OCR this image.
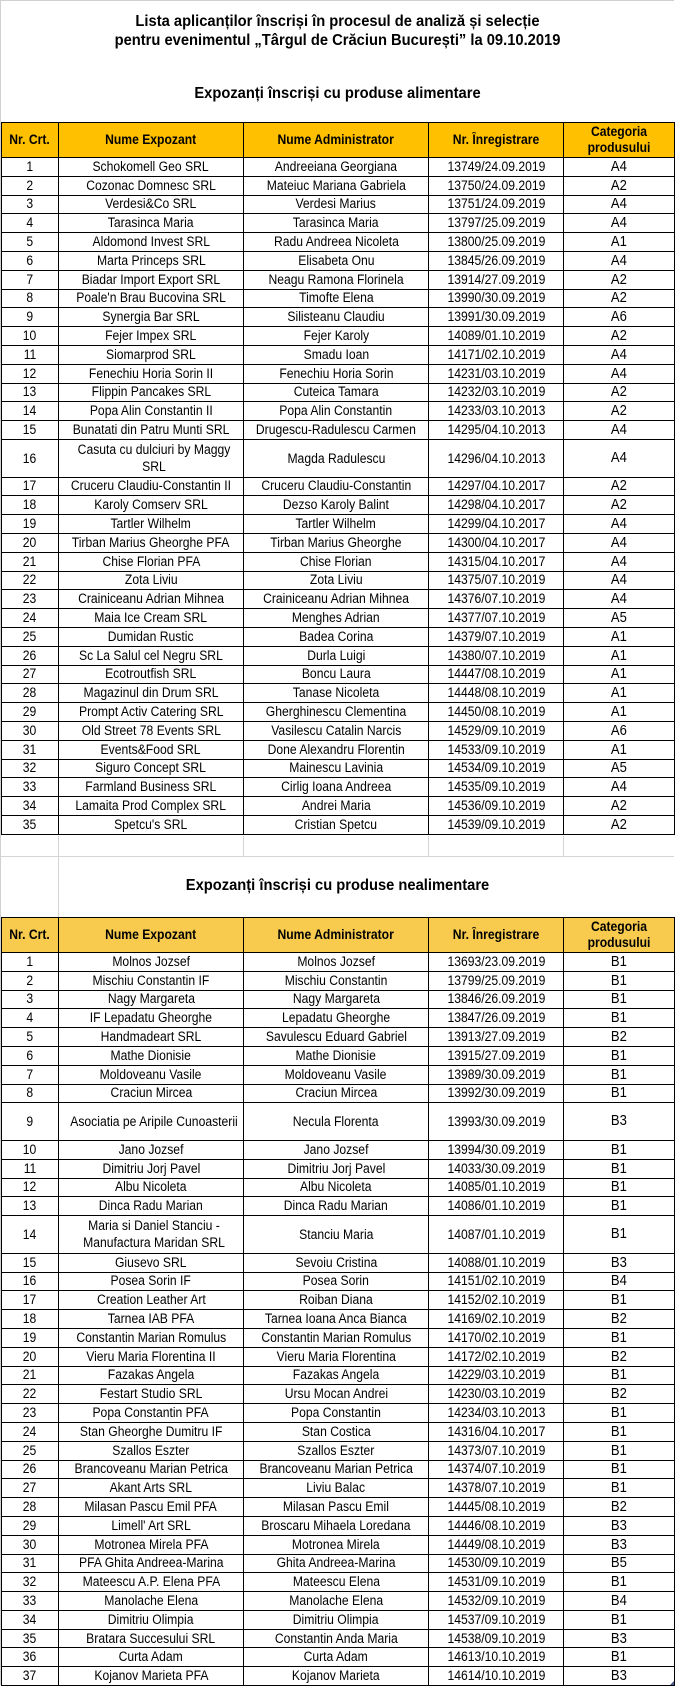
Lista aplicanților înscriși în procesul de analiză și selecție
pentru evenimentul „Târgul de Crăciun București” la 09.10.2019
Expozanți înscriși cu produse alimentare
Nr. Crt.	Nume Expozant	Nume Administrator	Nr. Înregistrare	Categoria produsului
1	Schokomell Geo SRL	Andreeiana Georgiana	13749/24.09.2019	A4
2	Cozonac Domnesc SRL	Mateiuc Mariana Gabriela	13750/24.09.2019	A2
3	Verdesi&Co SRL	Verdesi Marius	13751/24.09.2019	A4
4	Tarasinca Maria	Tarasinca Maria	13797/25.09.2019	A4
5	Aldomond Invest SRL	Radu Andreea Nicoleta	13800/25.09.2019	A1
6	Marta Princeps SRL	Elisabeta Onu	13845/26.09.2019	A4
7	Biadar Import Export SRL	Neagu Ramona Florinela	13914/27.09.2019	A2
8	Poale'n Brau Bucovina SRL	Timofte Elena	13990/30.09.2019	A2
9	Synergia Bar SRL	Silisteanu Claudiu	13991/30.09.2019	A6
10	Fejer Impex SRL	Fejer Karoly	14089/01.10.2019	A2
11	Siomarprod SRL	Smadu Ioan	14171/02.10.2019	A4
12	Fenechiu Horia Sorin II	Fenechiu Horia Sorin	14231/03.10.2019	A4
13	Flippin Pancakes SRL	Cuteica Tamara	14232/03.10.2019	A2
14	Popa Alin Constantin II	Popa Alin Constantin	14233/03.10.2013	A2
15	Bunatati din Patru Munti SRL	Drugescu-Radulescu Carmen	14295/04.10.2013	A4
16	Casuta cu dulciuri by Maggy SRL	Magda Radulescu	14296/04.10.2013	A4
17	Cruceru Claudiu-Constantin II	Cruceru Claudiu-Constantin	14297/04.10.2017	A2
18	Karoly Comserv SRL	Dezso Karoly Balint	14298/04.10.2017	A2
19	Tartler Wilhelm	Tartler Wilhelm	14299/04.10.2017	A4
20	Tirban Marius Gheorghe PFA	Tirban Marius Gheorghe	14300/04.10.2017	A4
21	Chise Florian PFA	Chise Florian	14315/04.10.2017	A4
22	Zota Liviu	Zota Liviu	14375/07.10.2019	A4
23	Crainiceanu Adrian Mihnea	Crainiceanu Adrian Mihnea	14376/07.10.2019	A4
24	Maia Ice Cream SRL	Menghes Adrian	14377/07.10.2019	A5
25	Dumidan Rustic	Badea Corina	14379/07.10.2019	A1
26	Sc La Salul cel Negru SRL	Durla Luigi	14380/07.10.2019	A1
27	Ecotroutfish SRL	Boncu Laura	14447/08.10.2019	A1
28	Magazinul din Drum SRL	Tanase Nicoleta	14448/08.10.2019	A1
29	Prompt Activ Catering SRL	Gherghinescu Clementina	14450/08.10.2019	A1
30	Old Street 78 Events SRL	Vasilescu Catalin Narcis	14529/09.10.2019	A6
31	Events&Food SRL	Done Alexandru Florentin	14533/09.10.2019	A1
32	Siguro Concept SRL	Mainescu Lavinia	14534/09.10.2019	A5
33	Farmland Business SRL	Cirlig Ioana Andreea	14535/09.10.2019	A4
34	Lamaita Prod Complex SRL	Andrei Maria	14536/09.10.2019	A2
35	Spetcu's SRL	Cristian Spetcu	14539/09.10.2019	A2
Expozanți înscriși cu produse nealimentare
Nr. Crt.	Nume Expozant	Nume Administrator	Nr. Înregistrare	Categoria produsului
1	Molnos Jozsef	Molnos Jozsef	13693/23.09.2019	B1
2	Mischiu Constantin IF	Mischiu Constantin	13799/25.09.2019	B1
3	Nagy Margareta	Nagy Margareta	13846/26.09.2019	B1
4	IF Lepadatu Gheorghe	Lepadatu Gheorghe	13847/26.09.2019	B1
5	Handmadeart SRL	Savulescu Eduard Gabriel	13913/27.09.2019	B2
6	Mathe Dionisie	Mathe Dionisie	13915/27.09.2019	B1
7	Moldoveanu Vasile	Moldoveanu Vasile	13989/30.09.2019	B1
8	Craciun Mircea	Craciun Mircea	13992/30.09.2019	B1
9	Asociatia pe Aripile Cunoasterii	Necula Florenta	13993/30.09.2019	B3
10	Jano Jozsef	Jano Jozsef	13994/30.09.2019	B1
11	Dimitriu Jorj Pavel	Dimitriu Jorj Pavel	14033/30.09.2019	B1
12	Albu Nicoleta	Albu Nicoleta	14085/01.10.2019	B1
13	Dinca Radu Marian	Dinca Radu Marian	14086/01.10.2019	B1
14	Maria si Daniel Stanciu - Manufactura Maridan SRL	Stanciu Maria	14087/01.10.2019	B1
15	Giusevo SRL	Sevoiu Cristina	14088/01.10.2019	B3
16	Posea Sorin IF	Posea Sorin	14151/02.10.2019	B4
17	Creation Leather Art	Roiban Diana	14152/02.10.2019	B1
18	Tarnea IAB PFA	Tarnea Ioana Anca Bianca	14169/02.10.2019	B2
19	Constantin Marian Romulus	Constantin Marian Romulus	14170/02.10.2019	B1
20	Vieru Maria Florentina II	Vieru Maria Florentina	14172/02.10.2019	B2
21	Fazakas Angela	Fazakas Angela	14229/03.10.2019	B1
22	Festart Studio SRL	Ursu Mocan Andrei	14230/03.10.2019	B2
23	Popa Constantin PFA	Popa Constantin	14234/03.10.2013	B1
24	Stan Gheorghe Dumitru IF	Stan Costica	14316/04.10.2017	B1
25	Szallos Eszter	Szallos Eszter	14373/07.10.2019	B1
26	Brancoveanu Marian Petrica	Brancoveanu Marian Petrica	14374/07.10.2019	B1
27	Akant Arts SRL	Liviu Balac	14378/07.10.2019	B1
28	Milasan Pascu Emil PFA	Milasan Pascu Emil	14445/08.10.2019	B2
29	Limell' Art SRL	Broscaru Mihaela Loredana	14446/08.10.2019	B3
30	Motronea Mirela PFA	Motronea Mirela	14449/08.10.2019	B3
31	PFA Ghita Andreea-Marina	Ghita Andreea-Marina	14530/09.10.2019	B5
32	Mateescu A.P. Elena PFA	Mateescu Elena	14531/09.10.2019	B1
33	Manolache Elena	Manolache Elena	14532/09.10.2019	B4
34	Dimitriu Olimpia	Dimitriu Olimpia	14537/09.10.2019	B1
35	Bratara Succesului SRL	Constantin Anda Maria	14538/09.10.2019	B3
36	Curta Adam	Curta Adam	14613/10.10.2019	B1
37	Kojanov Marieta PFA	Kojanov Marieta	14614/10.10.2019	B3
